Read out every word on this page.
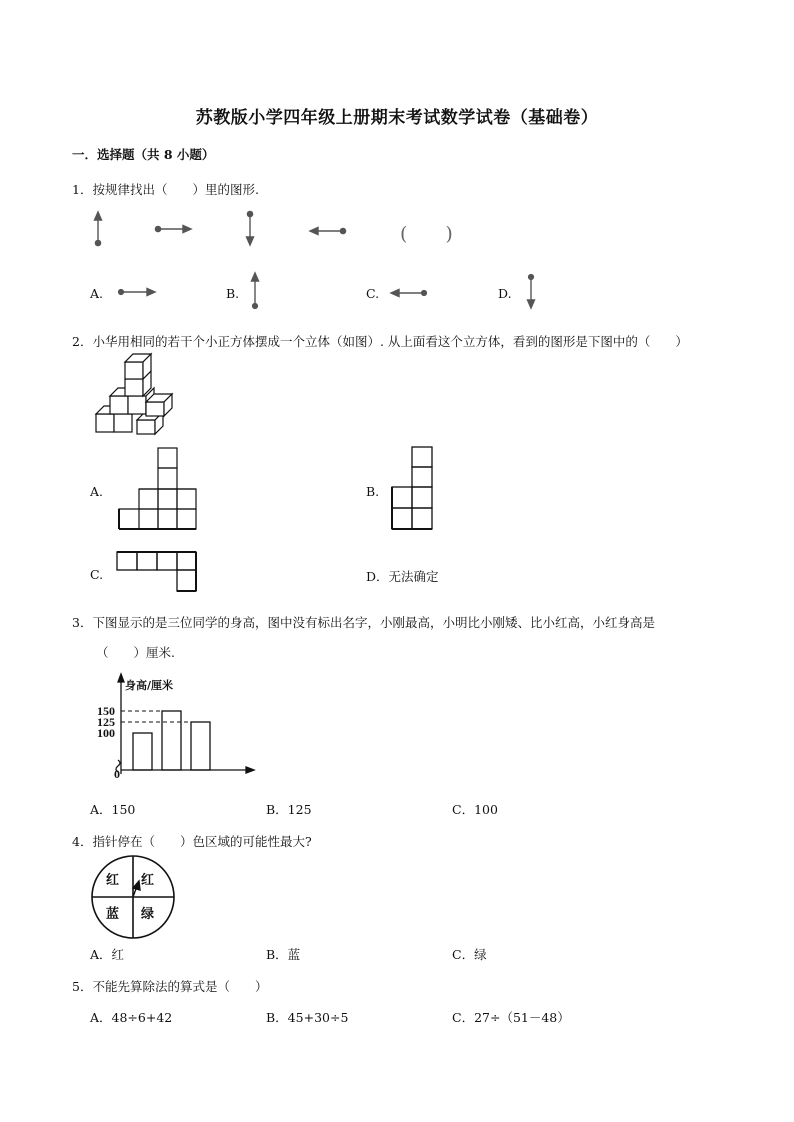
苏教版小学四年级上册期末考试数学试卷（基础卷）
一．选择题（共 8 小题）
1．按规律找出（　　）里的图形.
(　　)
A.	B.	C.	D.
2．小华用相同的若干个小正方体摆成一个立体（如图）. 从上面看这个立方体，看到的图形是下图中的（　　）
A.	B.
C.	D．无法确定
3．下图显示的是三位同学的身高，图中没有标出名字，小刚最高，小明比小刚矮、比小红高，小红身高是
（　　）厘米.
0
100
125
150
身高/厘米
A．150	B．125	C．100
4．指针停在（　　）色区域的可能性最大?
红 红
蓝 绿
A．红	B．蓝	C．绿
5．不能先算除法的算式是（　　）
A．48÷6+42	B．45+30÷5	C．27÷（51－48）
